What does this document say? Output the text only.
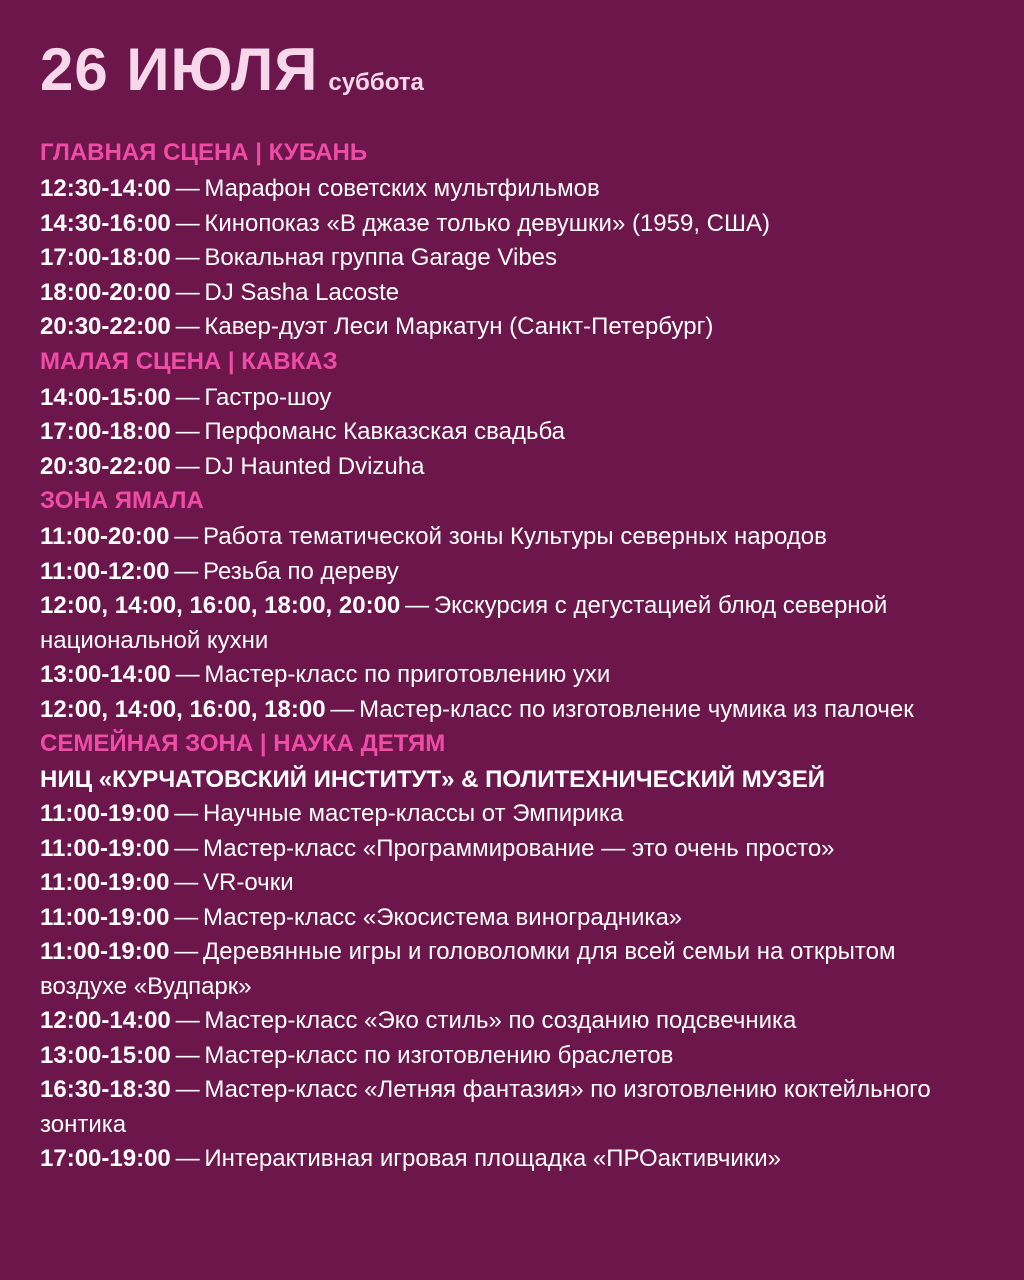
26 ИЮЛЯ суббота
ГЛАВНАЯ СЦЕНА | КУБАНЬ
12:30-14:00 — Марафон советских мультфильмов
14:30-16:00 — Кинопоказ «В джазе только девушки» (1959, США)
17:00-18:00 — Вокальная группа Garage Vibes
18:00-20:00 — DJ Sasha Lacoste
20:30-22:00 — Кавер-дуэт Леси Маркатун (Санкт-Петербург)
МАЛАЯ СЦЕНА | КАВКАЗ
14:00-15:00 — Гастро-шоу
17:00-18:00 — Перфоманс Кавказская свадьба
20:30-22:00 — DJ Haunted Dvizuha
ЗОНА ЯМАЛА
11:00-20:00 — Работа тематической зоны Культуры северных народов
11:00-12:00 — Резьба по дереву
12:00, 14:00, 16:00, 18:00, 20:00 — Экскурсия с дегустацией блюд северной национальной кухни
13:00-14:00 — Мастер-класс по приготовлению ухи
12:00, 14:00, 16:00, 18:00 — Мастер-класс по изготовление чумика из палочек
СЕМЕЙНАЯ ЗОНА | НАУКА ДЕТЯМ
НИЦ «КУРЧАТОВСКИЙ ИНСТИТУТ» & ПОЛИТЕХНИЧЕСКИЙ МУЗЕЙ
11:00-19:00 — Научные мастер-классы от Эмпирика
11:00-19:00 — Мастер-класс «Программирование — это очень просто»
11:00-19:00 — VR-очки
11:00-19:00 — Мастер-класс «Экосистема виноградника»
11:00-19:00 — Деревянные игры и головоломки для всей семьи на открытом воздухе «Вудпарк»
12:00-14:00 — Мастер-класс «Эко стиль» по созданию подсвечника
13:00-15:00 — Мастер-класс по изготовлению браслетов
16:30-18:30 — Мастер-класс «Летняя фантазия» по изготовлению коктейльного зонтика
17:00-19:00 — Интерактивная игровая площадка «ПРОактивчики»
